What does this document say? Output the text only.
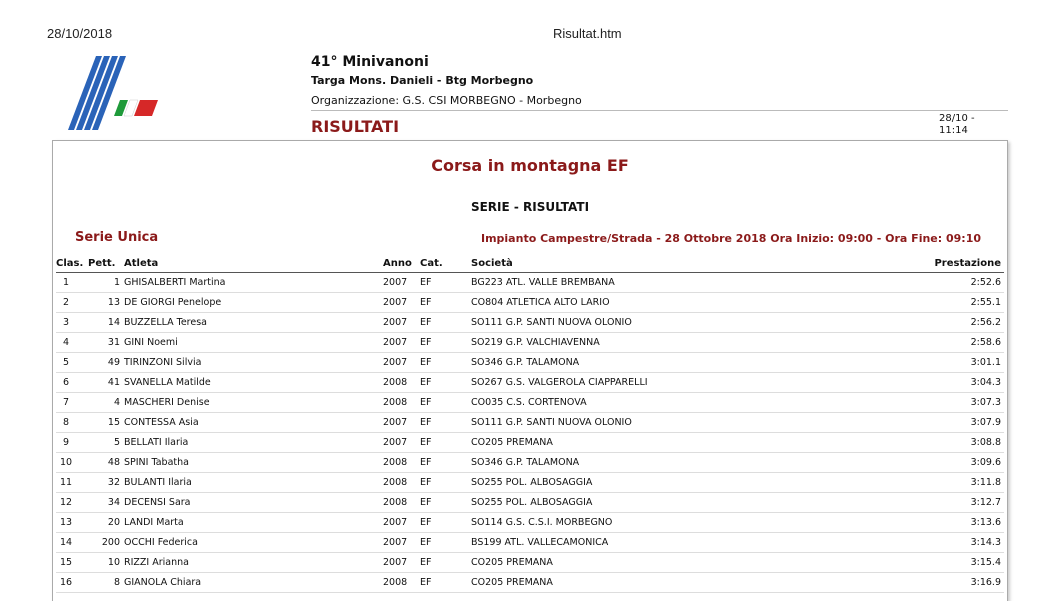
28/10/2018	Risultat.htm
41° Minivanoni
Targa Mons. Danieli - Btg Morbegno
Organizzazione: G.S. CSI MORBEGNO - Morbegno
RISULTATI	28/10 - 11:14
Corsa in montagna EF
SERIE - RISULTATI
Serie Unica	Impianto Campestre/Strada - 28 Ottobre 2018 Ora Inizio: 09:00 - Ora Fine: 09:10
Clas. Pett. Atleta	Anno Cat.	Società	Prestazione
1	1 GHISALBERTI Martina	2007 EF	BG223 ATL. VALLE BREMBANA	2:52.6
2	13 DE GIORGI Penelope	2007 EF	CO804 ATLETICA ALTO LARIO	2:55.1
3	14 BUZZELLA Teresa	2007 EF	SO111 G.P. SANTI NUOVA OLONIO	2:56.2
4	31 GINI Noemi	2007 EF	SO219 G.P. VALCHIAVENNA	2:58.6
5	49 TIRINZONI Silvia	2007 EF	SO346 G.P. TALAMONA	3:01.1
6	41 SVANELLA Matilde	2008 EF	SO267 G.S. VALGEROLA CIAPPARELLI	3:04.3
7	4 MASCHERI Denise	2008 EF	CO035 C.S. CORTENOVA	3:07.3
8	15 CONTESSA Asia	2007 EF	SO111 G.P. SANTI NUOVA OLONIO	3:07.9
9	5 BELLATI Ilaria	2007 EF	CO205 PREMANA	3:08.8
10	48 SPINI Tabatha	2008 EF	SO346 G.P. TALAMONA	3:09.6
11	32 BULANTI Ilaria	2008 EF	SO255 POL. ALBOSAGGIA	3:11.8
12	34 DECENSI Sara	2008 EF	SO255 POL. ALBOSAGGIA	3:12.7
13	20 LANDI Marta	2007 EF	SO114 G.S. C.S.I. MORBEGNO	3:13.6
14	200 OCCHI Federica	2007 EF	BS199 ATL. VALLECAMONICA	3:14.3
15	10 RIZZI Arianna	2007 EF	CO205 PREMANA	3:15.4
16	8 GIANOLA Chiara	2008 EF	CO205 PREMANA	3:16.9
